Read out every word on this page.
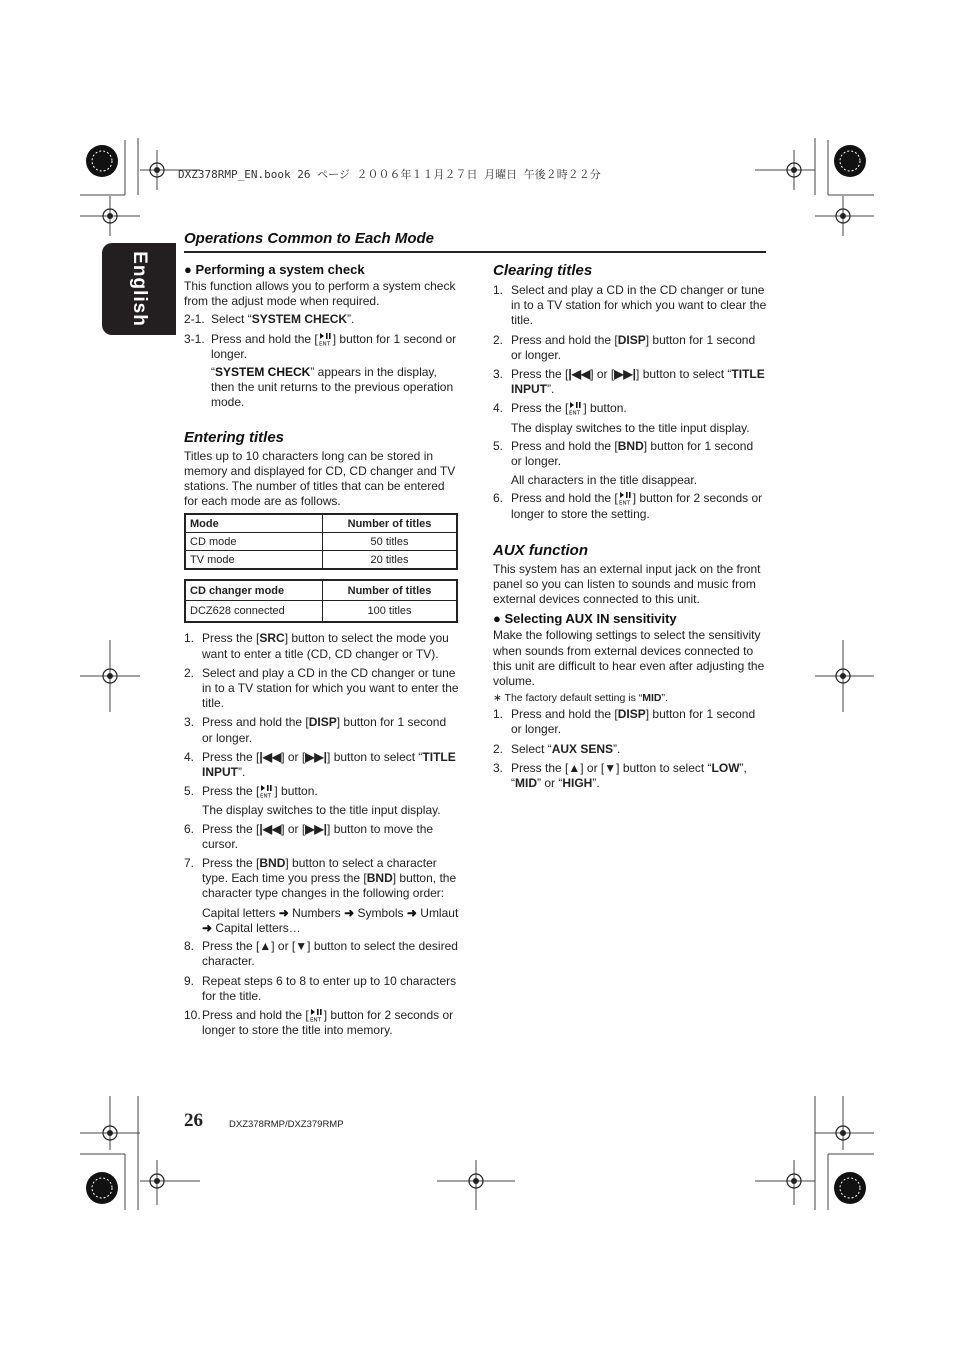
DXZ378RMP_EN.book 26 ページ ２００６年１１月２７日 月曜日 午後２時２２分
English
Operations Common to Each Mode
● Performing a system check
This function allows you to perform a system check from the adjust mode when required.
2-1. Select “SYSTEM CHECK”.
3-1. Press and hold the [ ENT ] button for 1 second or longer.
“SYSTEM CHECK” appears in the display, then the unit returns to the previous operation mode.
Entering titles
Titles up to 10 characters long can be stored in memory and displayed for CD, CD changer and TV stations. The number of titles that can be entered for each mode are as follows.
Mode	Number of titles
CD mode	50 titles
TV mode	20 titles
CD changer mode	Number of titles
DCZ628 connected	100 titles
1. Press the [SRC] button to select the mode you want to enter a title (CD, CD changer or TV).
2. Select and play a CD in the CD changer or tune in to a TV station for which you want to enter the title.
3. Press and hold the [DISP] button for 1 second or longer.
4. Press the [|◀◀] or [▶▶|] button to select “TITLE INPUT”.
5. Press the [ ENT ] button.
The display switches to the title input display.
6. Press the [|◀◀] or [▶▶|] button to move the cursor.
7. Press the [BND] button to select a character type. Each time you press the [BND] button, the character type changes in the following order:
Capital letters ➜ Numbers ➜ Symbols ➜ Umlaut ➜ Capital letters…
8. Press the [▲] or [▼] button to select the desired character.
9. Repeat steps 6 to 8 to enter up to 10 characters for the title.
10. Press and hold the [ ENT ] button for 2 seconds or longer to store the title into memory.
Clearing titles
1. Select and play a CD in the CD changer or tune in to a TV station for which you want to clear the title.
2. Press and hold the [DISP] button for 1 second or longer.
3. Press the [|◀◀] or [▶▶|] button to select “TITLE INPUT”.
4. Press the [ ENT ] button.
The display switches to the title input display.
5. Press and hold the [BND] button for 1 second or longer.
All characters in the title disappear.
6. Press and hold the [ ENT ] button for 2 seconds or longer to store the setting.
AUX function
This system has an external input jack on the front panel so you can listen to sounds and music from external devices connected to this unit.
● Selecting AUX IN sensitivity
Make the following settings to select the sensitivity when sounds from external devices connected to this unit are difficult to hear even after adjusting the volume.
∗ The factory default setting is “MID”.
1. Press and hold the [DISP] button for 1 second or longer.
2. Select “AUX SENS”.
3. Press the [▲] or [▼] button to select “LOW”, “MID” or “HIGH”.
26	DXZ378RMP/DXZ379RMP
